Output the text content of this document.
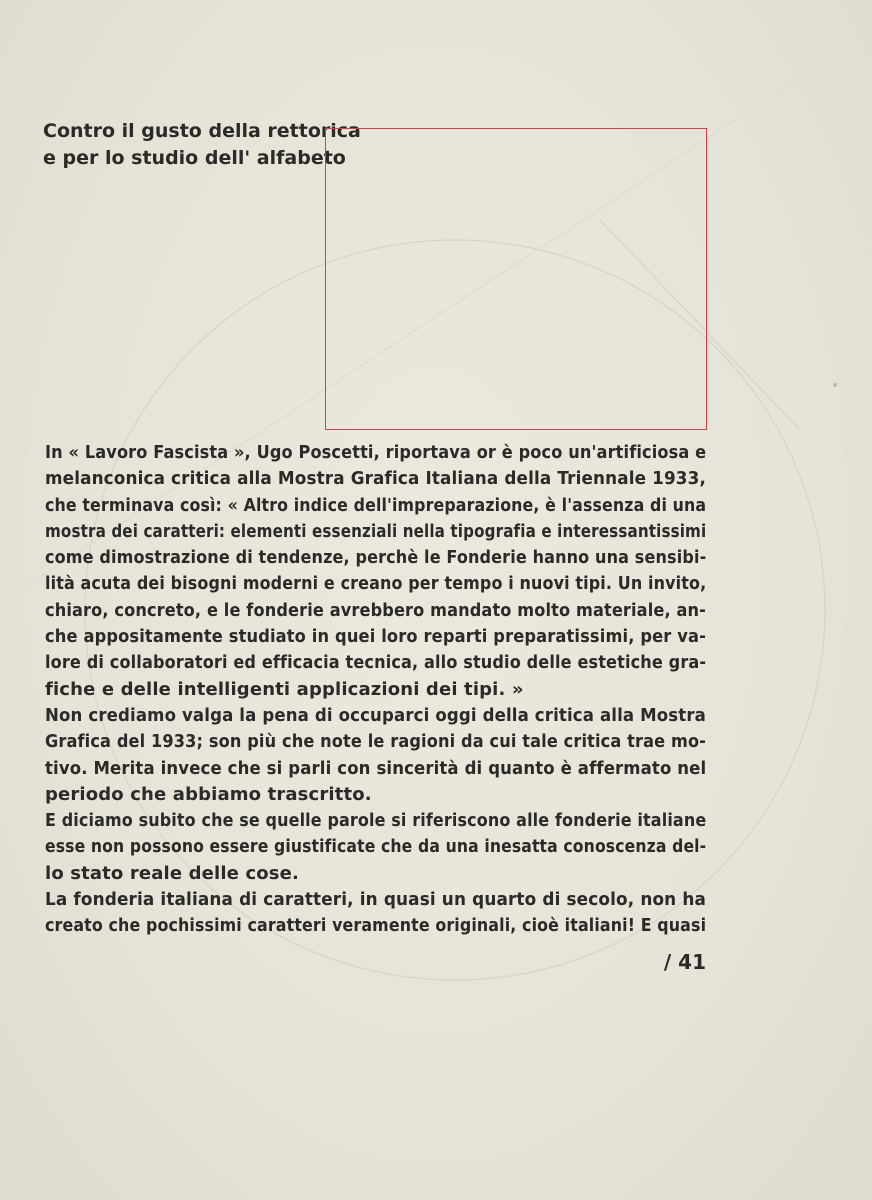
Contro il gusto della rettorica
e per lo studio dell' alfabeto
In « Lavoro Fascista », Ugo Poscetti, riportava or è poco un'artificiosa e
melanconica critica alla Mostra Grafica Italiana della Triennale 1933,
che terminava così: « Altro indice dell'impreparazione, è l'assenza di una
mostra dei caratteri: elementi essenziali nella tipografia e interessantissimi
come dimostrazione di tendenze, perchè le Fonderie hanno una sensibi-
lità acuta dei bisogni moderni e creano per tempo i nuovi tipi. Un invito,
chiaro, concreto, e le fonderie avrebbero mandato molto materiale, an-
che appositamente studiato in quei loro reparti preparatissimi, per va-
lore di collaboratori ed efficacia tecnica, allo studio delle estetiche gra-
fiche e delle intelligenti applicazioni dei tipi. »
Non crediamo valga la pena di occuparci oggi della critica alla Mostra
Grafica del 1933; son più che note le ragioni da cui tale critica trae mo-
tivo. Merita invece che si parli con sincerità di quanto è affermato nel
periodo che abbiamo trascritto.
E diciamo subito che se quelle parole si riferiscono alle fonderie italiane
esse non possono essere giustificate che da una inesatta conoscenza del-
lo stato reale delle cose.
La fonderia italiana di caratteri, in quasi un quarto di secolo, non ha
creato che pochissimi caratteri veramente originali, cioè italiani! E quasi
/ 41
